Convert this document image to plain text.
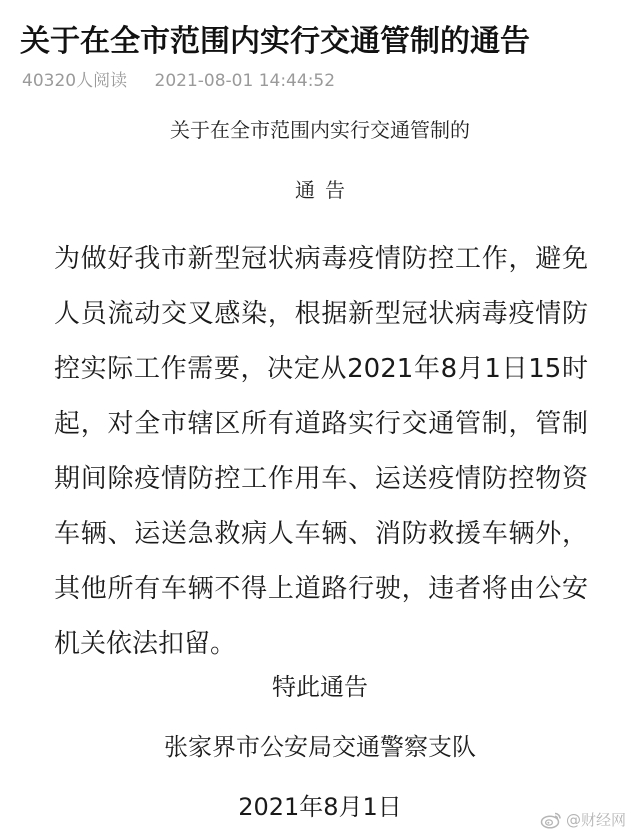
关于在全市范围内实行交通管制的通告
40320人阅读 2021-08-01 14:44:52
关于在全市范围内实行交通管制的
通告
为做好我市新型冠状病毒疫情防控工作，避免人员流动交叉感染，根据新型冠状病毒疫情防控实际工作需要，决定从2021年8月1日15时起，对全市辖区所有道路实行交通管制，管制期间除疫情防控工作用车、运送疫情防控物资车辆、运送急救病人车辆、消防救援车辆外，其他所有车辆不得上道路行驶，违者将由公安机关依法扣留。
特此通告
张家界市公安局交通警察支队
2021年8月1日	@财经网
